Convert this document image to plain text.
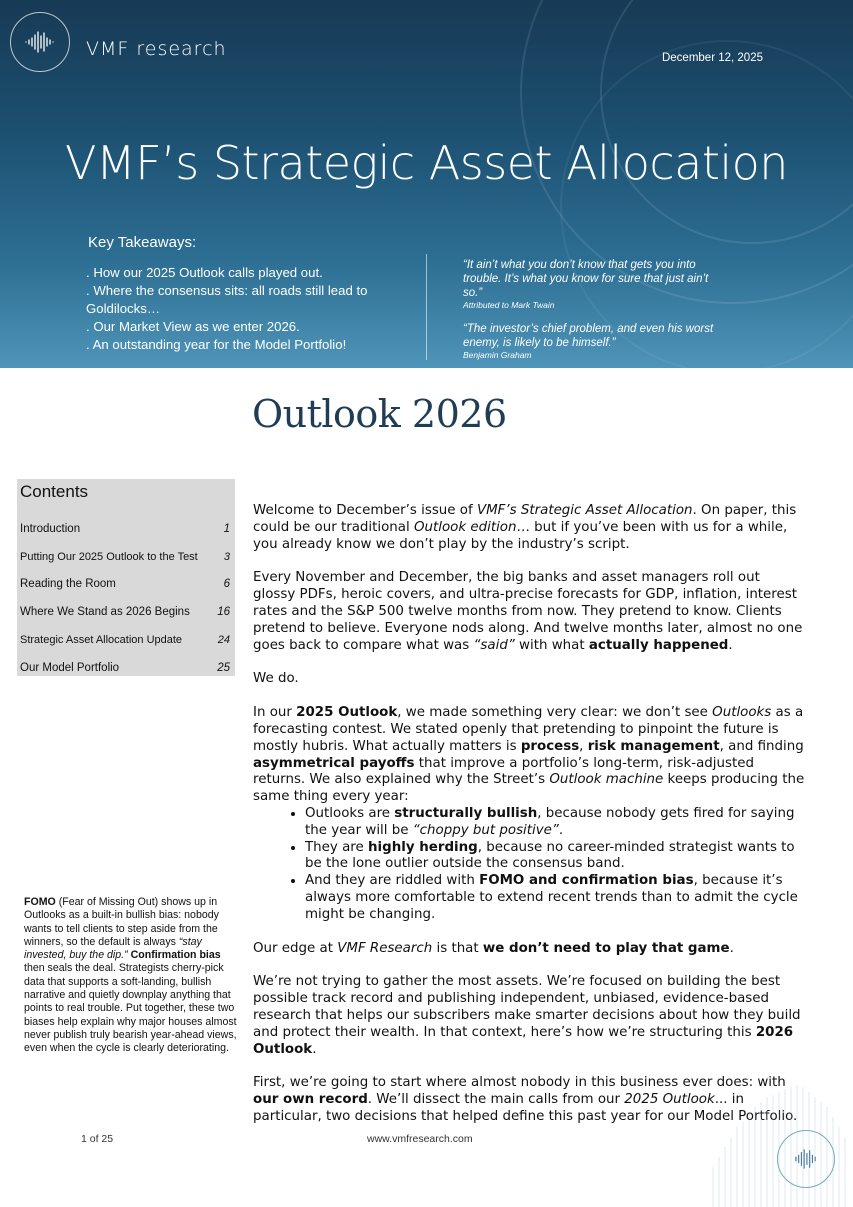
VMF research	December 12, 2025
VMF’s Strategic Asset Allocation
Key Takeaways:
. How our 2025 Outlook calls played out.
. Where the consensus sits: all roads still lead to Goldilocks…
. Our Market View as we enter 2026.
. An outstanding year for the Model Portfolio!
“It ain’t what you don’t know that gets you into trouble. It’s what you know for sure that just ain’t so.”
Attributed to Mark Twain
“The investor’s chief problem, and even his worst enemy, is likely to be himself.”
Benjamin Graham
Outlook 2026
Contents
Introduction	1
Putting Our 2025 Outlook to the Test 3
Reading the Room	6
Where We Stand as 2026 Begins 16
Strategic Asset Allocation Update	24
Our Model Portfolio	25
FOMO (Fear of Missing Out) shows up in Outlooks as a built-in bullish bias: nobody wants to tell clients to step aside from the winners, so the default is always “stay invested, buy the dip.” Confirmation bias then seals the deal. Strategists cherry-pick data that supports a soft-landing, bullish narrative and quietly downplay anything that points to real trouble. Put together, these two biases help explain why major houses almost never publish truly bearish year-ahead views, even when the cycle is clearly deteriorating.

Welcome to December’s issue of VMF’s Strategic Asset Allocation. On paper, this could be our traditional Outlook edition… but if you’ve been with us for a while, you already know we don’t play by the industry’s script.

Every November and December, the big banks and asset managers roll out glossy PDFs, heroic covers, and ultra-precise forecasts for GDP, inflation, interest rates and the S&P 500 twelve months from now. They pretend to know. Clients pretend to believe. Everyone nods along. And twelve months later, almost no one goes back to compare what was “said” with what actually happened.

We do.

In our 2025 Outlook, we made something very clear: we don’t see Outlooks as a forecasting contest. We stated openly that pretending to pinpoint the future is mostly hubris. What actually matters is process, risk management, and finding asymmetrical payoffs that improve a portfolio’s long-term, risk-adjusted returns. We also explained why the Street’s Outlook machine keeps producing the same thing every year:

• Outlooks are structurally bullish, because nobody gets fired for saying the year will be “choppy but positive”.
• They are highly herding, because no career-minded strategist wants to be the lone outlier outside the consensus band.
• And they are riddled with FOMO and confirmation bias, because it’s always more comfortable to extend recent trends than to admit the cycle might be changing.

Our edge at VMF Research is that we don’t need to play that game.

We’re not trying to gather the most assets. We’re focused on building the best possible track record and publishing independent, unbiased, evidence-based research that helps our subscribers make smarter decisions about how they build and protect their wealth. In that context, here’s how we’re structuring this 2026 Outlook.

First, we’re going to start where almost nobody in this business ever does: with our own record. We’ll dissect the main calls from our 2025 Outlook... in particular, two decisions that helped define this past year for our Model Portfolio.

1 of 25	www.vmfresearch.com
